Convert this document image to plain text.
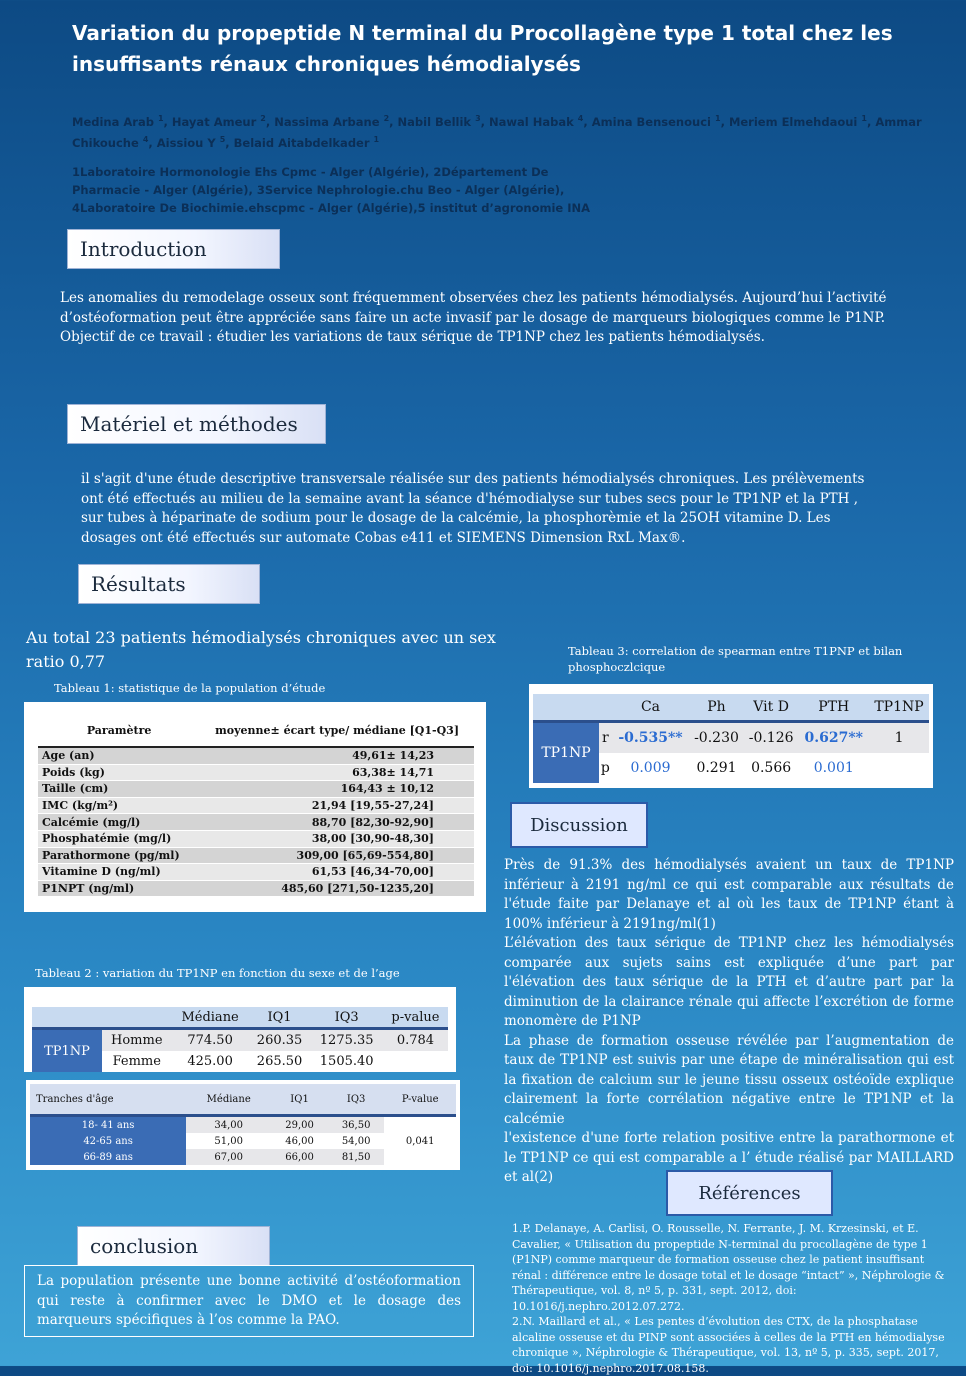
Variation du propeptide N terminal du Procollagène type 1 total chez les insuffisants rénaux chroniques hémodialysés
Medina Arab $^1$, Hayat Ameur $^2$, Nassima Arbane $^2$, Nabil Bellik $^3$, Nawal Habak $^4$, Amina Bensenouci $^1$, Meriem Elmehdaoui $^1$, Ammar Chikouche $^4$, Aissiou Y $^5$, Belaid Aitabdelkader $^1$
1Laboratoire Hormonologie Ehs Cpmc - Alger (Algérie), 2Département De
Pharmacie - Alger (Algérie), 3Service Nephrologie.chu Beo - Alger (Algérie),
4Laboratoire De Biochimie.ehscpmc - Alger (Algérie),5 institut d’agronomie INA
Introduction
Les anomalies du remodelage osseux sont fréquemment observées chez les patients hémodialysés. Aujourd’hui l’activité d’ostéoformation peut être appréciée sans faire un acte invasif par le dosage de marqueurs biologiques comme le P1NP. Objectif de ce travail : étudier les variations de taux sérique de TP1NP chez les patients hémodialysés.
Matériel et méthodes
il s'agit d'une étude descriptive transversale réalisée sur des patients hémodialysés chroniques. Les prélèvements ont été effectués au milieu de la semaine avant la séance d'hémodialyse sur tubes secs pour le TP1NP et la PTH , sur tubes à héparinate de sodium pour le dosage de la calcémie, la phosphorèmie et la 25OH vitamine D. Les dosages ont été effectués sur automate Cobas e411 et SIEMENS Dimension RxL Max®.
Résultats
Au total 23 patients hémodialysés chroniques avec un sex ratio 0,77
Tableau 1: statistique de la population d’étude
Paramètre	moyenne± écart type/ médiane [Q1-Q3]
Age (an)	49,61± 14,23
Poids (kg)	63,38± 14,71
Taille (cm)	164,43 ± 10,12
IMC (kg/m²)	21,94 [19,55-27,24]
Calcémie (mg/l)	88,70 [82,30-92,90]
Phosphatémie (mg/l)	38,00 [30,90-48,30]
Parathormone (pg/ml)	309,00 [65,69-554,80]
Vitamine D (ng/ml)	61,53 [46,34-70,00]
P1NPT (ng/ml)	485,60 [271,50-1235,20]
Tableau 2 : variation du TP1NP en fonction du sexe et de l’age
		Médiane	IQ1	IQ3	p-value
TP1NP	Homme	774.50	260.35	1275.35	0.784
	Femme	425.00	265.50	1505.40	
Tranches d'âge	Médiane	IQ1	IQ3	P-value
18- 41 ans	34,00	29,00	36,50	0,041
42-65 ans	51,00	46,00	54,00	
66-89 ans	67,00	66,00	81,50	
Tableau 3: correlation de spearman entre T1PNP et bilan phosphoczlcique
		Ca	Ph	Vit D	PTH	TP1NP
TP1NP	r	-0.535**	-0.230	-0.126	0.627**	1
	p	0.009	0.291	0.566	0.001	
Discussion
Près de 91.3% des hémodialysés avaient un taux de TP1NP inférieur à 2191 ng/ml ce qui est comparable aux résultats de l'étude faite par Delanaye et al où les taux de TP1NP étant à 100% inférieur à 2191ng/ml(1)
L’élévation des taux sérique de TP1NP chez les hémodialysés comparée aux sujets sains est expliquée d’une part par l'élévation des taux sérique de la PTH et d’autre part par la diminution de la clairance rénale qui affecte l’excrétion de forme monomère de P1NP
La phase de formation osseuse révélée par l’augmentation de taux de TP1NP est suivis par une étape de minéralisation qui est la fixation de calcium sur le jeune tissu osseux ostéoïde explique clairement la forte corrélation négative entre le TP1NP et la calcémie
l'existence d'une forte relation positive entre la parathormone et le TP1NP ce qui est comparable a l’ étude réalisé par MAILLARD et al(2)
Références
1.P. Delanaye, A. Carlisi, O. Rousselle, N. Ferrante, J. M. Krzesinski, et E. Cavalier, « Utilisation du propeptide N-terminal du procollagène de type 1 (P1NP) comme marqueur de formation osseuse chez le patient insuffisant rénal : différence entre le dosage total et le dosage “intact” », Néphrologie & Thérapeutique, vol. 8, nº 5, p. 331, sept. 2012, doi: 10.1016/j.nephro.2012.07.272.
2.N. Maillard et al., « Les pentes d’évolution des CTX, de la phosphatase alcaline osseuse et du PINP sont associées à celles de la PTH en hémodialyse chronique », Néphrologie & Thérapeutique, vol. 13, nº 5, p. 335, sept. 2017, doi: 10.1016/j.nephro.2017.08.158.
conclusion
La population présente une bonne activité d’ostéoformation qui reste à confirmer avec le DMO et le dosage des marqueurs spécifiques à l’os comme la PAO.
